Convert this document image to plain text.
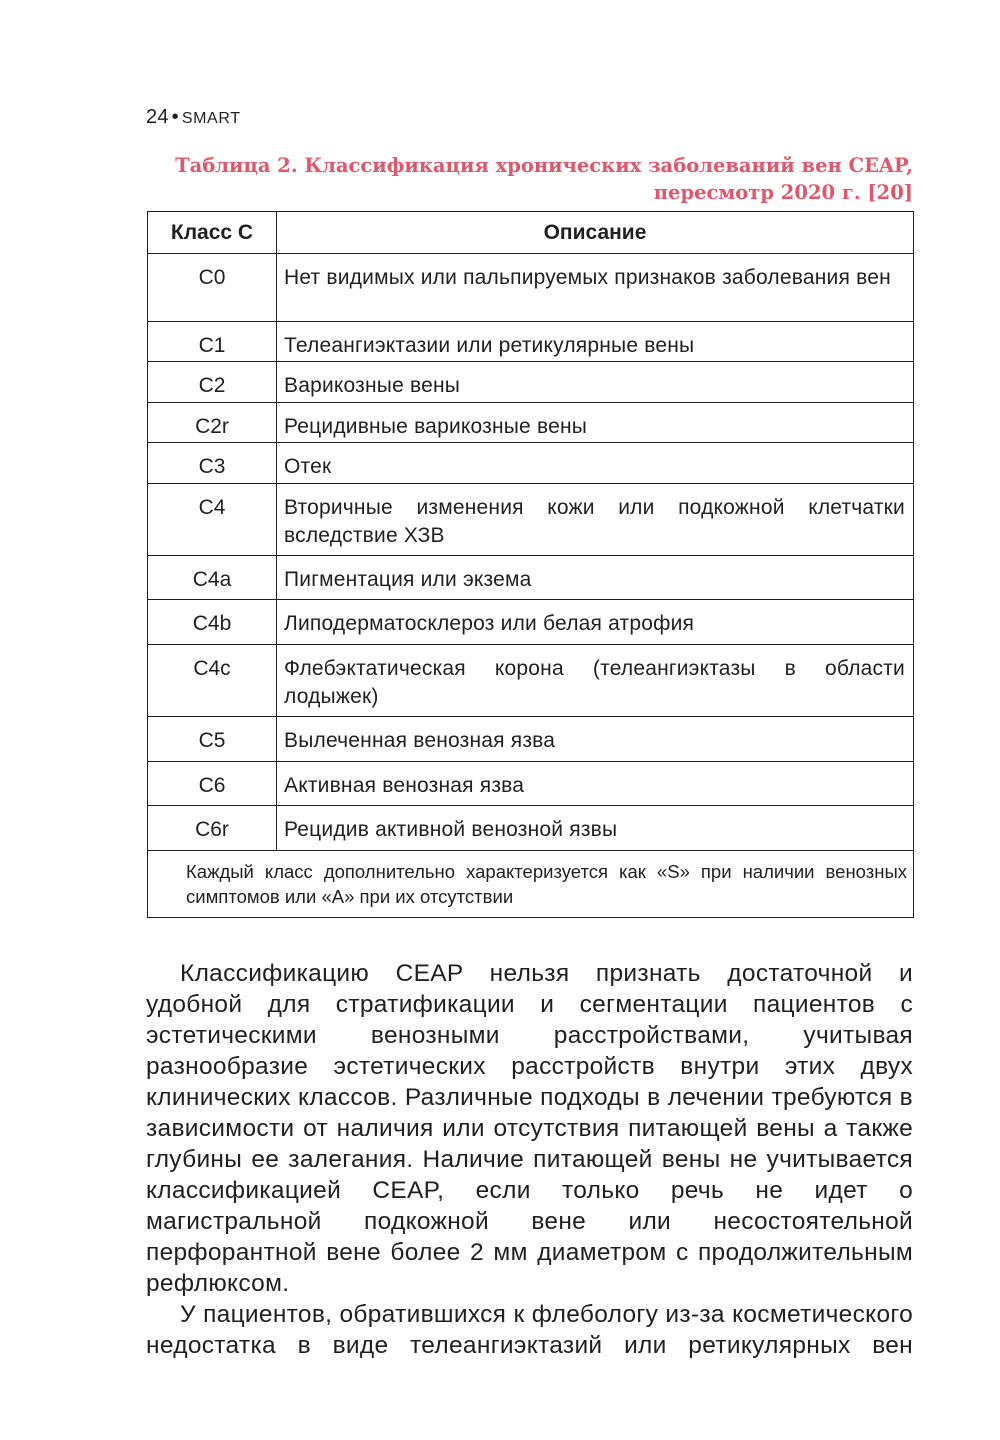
24 • SMART
Таблица 2. Классификация хронических заболеваний вен CEAP,
пересмотр 2020 г. [20]
Класс С	Описание
C0	Нет видимых или пальпируемых признаков заболевания вен
C1	Телеангиэктазии или ретикулярные вены
C2	Варикозные вены
C2r	Рецидивные варикозные вены
C3	Отек
C4	Вторичные изменения кожи или подкожной клетчатки вследствие ХЗВ
C4a	Пигментация или экзема
C4b	Липодерматосклероз или белая атрофия
C4c	Флебэктатическая корона (телеангиэктазы в области лодыжек)
C5	Вылеченная венозная язва
C6	Активная венозная язва
C6r	Рецидив активной венозной язвы
Каждый класс дополнительно характеризуется как «S» при наличии венозных симптомов или «А» при их отсутствии	

Классификацию CEAP нельзя признать достаточной и удобной для стратификации и сегментации пациентов с эстетическими венозными расстройствами, учитывая разнообразие эстетических расстройств внутри этих двух клинических классов. Различные подходы в лечении требуются в зависимости от наличия или отсутствия питающей вены а также глубины ее залегания. Наличие питающей вены не учитывается классификацией CEAP, если только речь не идет о магистральной подкожной вене или несостоятельной перфорантной вене более 2 мм диаметром с продолжительным рефлюксом.

У пациентов, обратившихся к флебологу из-за косметического недостатка в виде телеангиэктазий или ретикулярных вен
